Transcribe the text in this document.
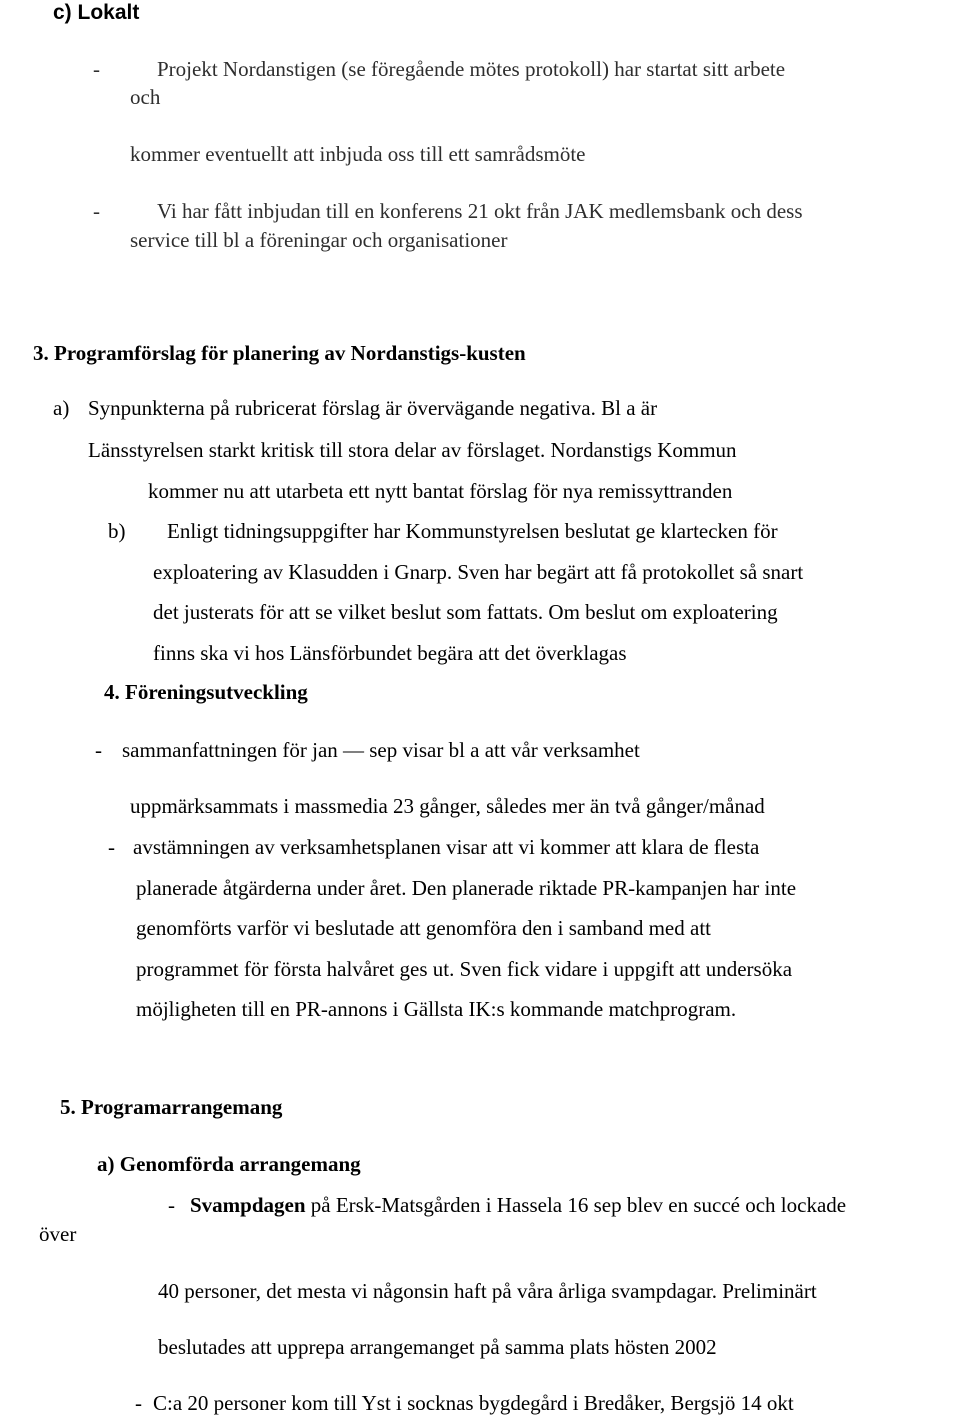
c) Lokalt
-	Projekt Nordanstigen (se föregående mötes protokoll) har startat sitt arbete
och
kommer eventuellt att inbjuda oss till ett samrådsmöte
-	Vi har fått inbjudan till en konferens 21 okt från JAK medlemsbank och dess
service till bl a föreningar och organisationer
3. Programförslag för planering av Nordanstigs-kusten
a) Synpunkterna på rubricerat förslag är övervägande negativa. Bl a är
Länsstyrelsen starkt kritisk till stora delar av förslaget. Nordanstigs Kommun
kommer nu att utarbeta ett nytt bantat förslag för nya remissyttranden
b) Enligt tidningsuppgifter har Kommunstyrelsen beslutat ge klartecken för
exploatering av Klasudden i Gnarp. Sven har begärt att få protokollet så snart
det justerats för att se vilket beslut som fattats. Om beslut om exploatering
finns ska vi hos Länsförbundet begära att det överklagas
4. Föreningsutveckling
- sammanfattningen för jan — sep visar bl a att vår verksamhet
uppmärksammats i massmedia 23 gånger, således mer än två gånger/månad
- avstämningen av verksamhetsplanen visar att vi kommer att klara de flesta
planerade åtgärderna under året. Den planerade riktade PR-kampanjen har inte
genomförts varför vi beslutade att genomföra den i samband med att
programmet för första halvåret ges ut. Sven fick vidare i uppgift att undersöka
möjligheten till en PR-annons i Gällsta IK:s kommande matchprogram.
5. Programarrangemang
a) Genomförda arrangemang
- Svampdagen på Ersk-Matsgården i Hassela 16 sep blev en succé och lockade
över
40 personer, det mesta vi någonsin haft på våra årliga svampdagar. Preliminärt
beslutades att upprepa arrangemanget på samma plats hösten 2002
- C:a 20 personer kom till Yst i socknas bygdegård i Bredåker, Bergsjö 14 okt
